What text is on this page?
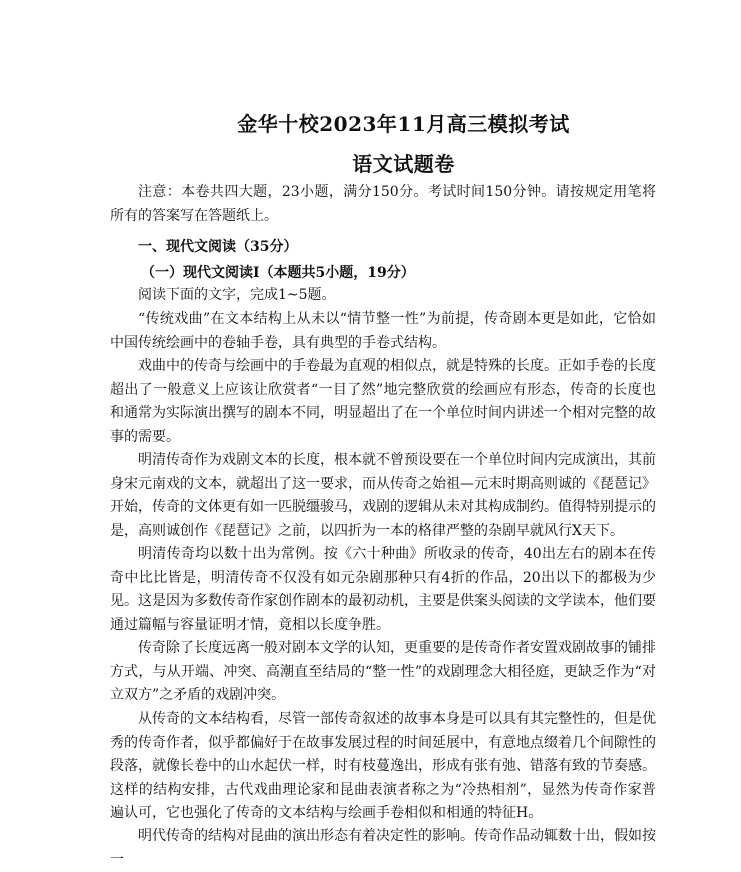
金华十校2023年11月高三模拟考试
语文试题卷

注意：本卷共四大题，23小题，满分150分。考试时间150分钟。请按规定用笔将所有的答案写在答题纸上。

一、现代文阅读（35分）

（一）现代文阅读Ⅰ（本题共5小题，19分）

阅读下面的文字，完成1~5题。

“传统戏曲”在文本结构上从未以“情节整一性”为前提，传奇剧本更是如此，它恰如中国传统绘画中的卷轴手卷，具有典型的手卷式结构。

戏曲中的传奇与绘画中的手卷最为直观的相似点，就是特殊的长度。正如手卷的长度超出了一般意义上应该让欣赏者“一目了然”地完整欣赏的绘画应有形态，传奇的长度也和通常为实际演出撰写的剧本不同，明显超出了在一个单位时间内讲述一个相对完整的故事的需要。

明清传奇作为戏剧文本的长度，根本就不曾预设要在一个单位时间内完成演出，其前身宋元南戏的文本，就超出了这一要求，而从传奇之始祖—元末时期高则诚的《琵琶记》开始，传奇的文体更有如一匹脱缰骏马，戏剧的逻辑从未对其构成制约。值得特别提示的是，高则诚创作《琵琶记》之前，以四折为一本的格律严整的杂剧早就风行X天下。

明清传奇均以数十出为常例。按《六十种曲》所收录的传奇，40出左右的剧本在传奇中比比皆是，明清传奇不仅没有如元杂剧那种只有4折的作品，20出以下的都极为少见。这是因为多数传奇作家创作剧本的最初动机，主要是供案头阅读的文学读本，他们要通过篇幅与容量证明才情，竟相以长度争胜。

传奇除了长度远离一般对剧本文学的认知，更重要的是传奇作者安置戏剧故事的铺排方式，与从开端、冲突、高潮直至结局的“整一性”的戏剧理念大相径庭，更缺乏作为“对立双方”之矛盾的戏剧冲突。

从传奇的文本结构看，尽管一部传奇叙述的故事本身是可以具有其完整性的，但是优秀的传奇作者，似乎都偏好于在故事发展过程的时间延展中，有意地点缀着几个间隙性的段落，就像长卷中的山水起伏一样，时有枝蔓逸出，形成有张有弛、错落有致的节奏感。这样的结构安排，古代戏曲理论家和昆曲表演者称之为“冷热相剂”，显然为传奇作家普遍认可，它也强化了传奇的文本结构与绘画手卷相似和相通的特征H。

明代传奇的结构对昆曲的演出形态有着决定性的影响。传奇作品动辄数十出，假如按一
